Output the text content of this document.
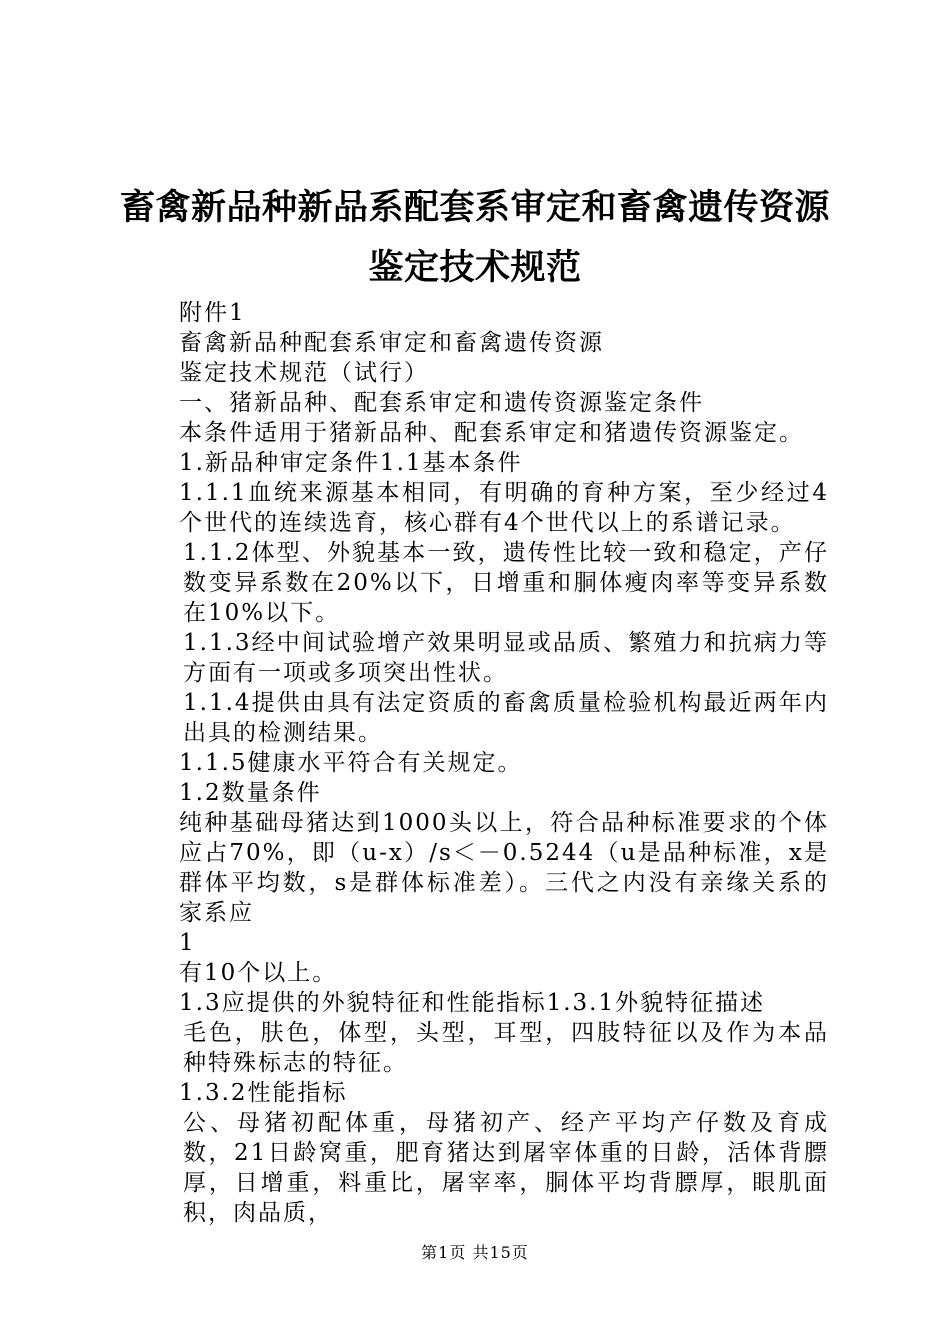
畜禽新品种新品系配套系审定和畜禽遗传资源
鉴定技术规范

附件1

畜禽新品种配套系审定和畜禽遗传资源

鉴定技术规范（试行）

一、猪新品种、配套系审定和遗传资源鉴定条件

本条件适用于猪新品种、配套系审定和猪遗传资源鉴定。

1.新品种审定条件1.1基本条件

1.1.1血统来源基本相同，有明确的育种方案，至少经过4个世代的连续选育，核心群有4个世代以上的系谱记录。

1.1.2体型、外貌基本一致，遗传性比较一致和稳定，产仔数变异系数在20%以下，日增重和胴体瘦肉率等变异系数在10%以下。

1.1.3经中间试验增产效果明显或品质、繁殖力和抗病力等方面有一项或多项突出性状。

1.1.4提供由具有法定资质的畜禽质量检验机构最近两年内出具的检测结果。

1.1.5健康水平符合有关规定。

1.2数量条件

纯种基础母猪达到1000头以上，符合品种标准要求的个体应占70%，即（u-x）/s＜－0.5244（u是品种标准，x是群体平均数，s是群体标准差）。三代之内没有亲缘关系的家系应

1

有10个以上。

1.3应提供的外貌特征和性能指标1.3.1外貌特征描述

毛色，肤色，体型，头型，耳型，四肢特征以及作为本品种特殊标志的特征。

1.3.2性能指标

公、母猪初配体重，母猪初产、经产平均产仔数及育成数，21日龄窝重，肥育猪达到屠宰体重的日龄，活体背膘厚，日增重，料重比，屠宰率，胴体平均背膘厚，眼肌面积，肉品质，

第1页 共15页
